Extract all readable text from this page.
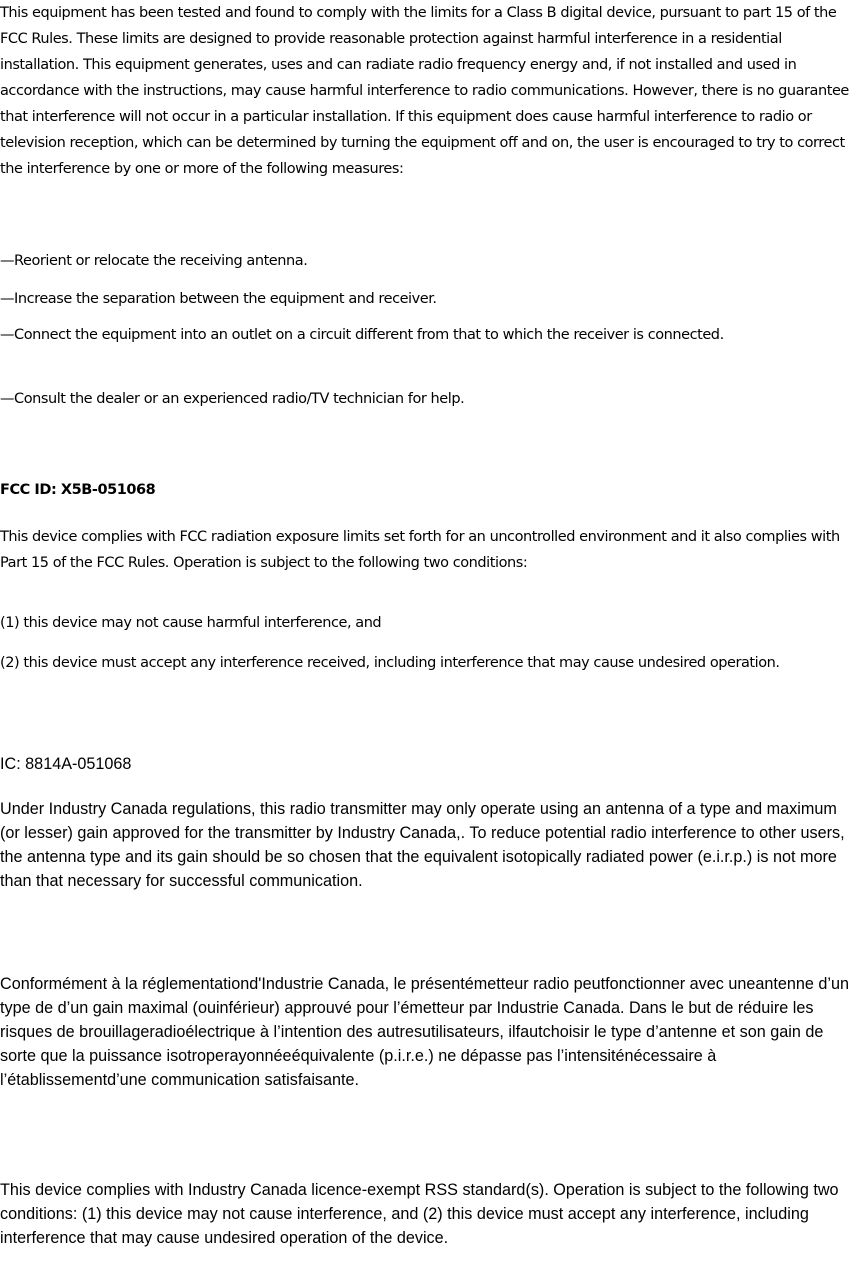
This equipment has been tested and found to comply with the limits for a Class B digital device, pursuant to part 15 of the FCC Rules. These limits are designed to provide reasonable protection against harmful interference in a residential installation. This equipment generates, uses and can radiate radio frequency energy and, if not installed and used in accordance with the instructions, may cause harmful interference to radio communications. However, there is no guarantee that interference will not occur in a particular installation. If this equipment does cause harmful interference to radio or television reception, which can be determined by turning the equipment off and on, the user is encouraged to try to correct the interference by one or more of the following measures:

—Reorient or relocate the receiving antenna.

—Increase the separation between the equipment and receiver.

—Connect the equipment into an outlet on a circuit different from that to which the receiver is connected.

—Consult the dealer or an experienced radio/TV technician for help.

FCC ID: X5B-051068

This device complies with FCC radiation exposure limits set forth for an uncontrolled environment and it also complies with Part 15 of the FCC Rules. Operation is subject to the following two conditions:

(1) this device may not cause harmful interference, and

(2) this device must accept any interference received, including interference that may cause undesired operation.

IC: 8814A-051068

Under Industry Canada regulations, this radio transmitter may only operate using an antenna of a type and maximum (or lesser) gain approved for the transmitter by Industry Canada,. To reduce potential radio interference to other users, the antenna type and its gain should be so chosen that the equivalent isotopically radiated power (e.i.r.p.) is not more than that necessary for successful communication.

Conformément à la réglementationd'Industrie Canada, le présentémetteur radio peutfonctionner avec uneantenne d’un type de d’un gain maximal (ouinférieur) approuvé pour l’émetteur par Industrie Canada. Dans le but de réduire les risques de brouillageradioélectrique à l’intention des autresutilisateurs, ilfautchoisir le type d’antenne et son gain de sorte que la puissance isotroperayonnéeéquivalente (p.i.r.e.) ne dépasse pas l’intensiténécessaire à l’établissementd’une communication satisfaisante.

This device complies with Industry Canada licence-exempt RSS standard(s). Operation is subject to the following two conditions: (1) this device may not cause interference, and (2) this device must accept any interference, including interference that may cause undesired operation of the device.
